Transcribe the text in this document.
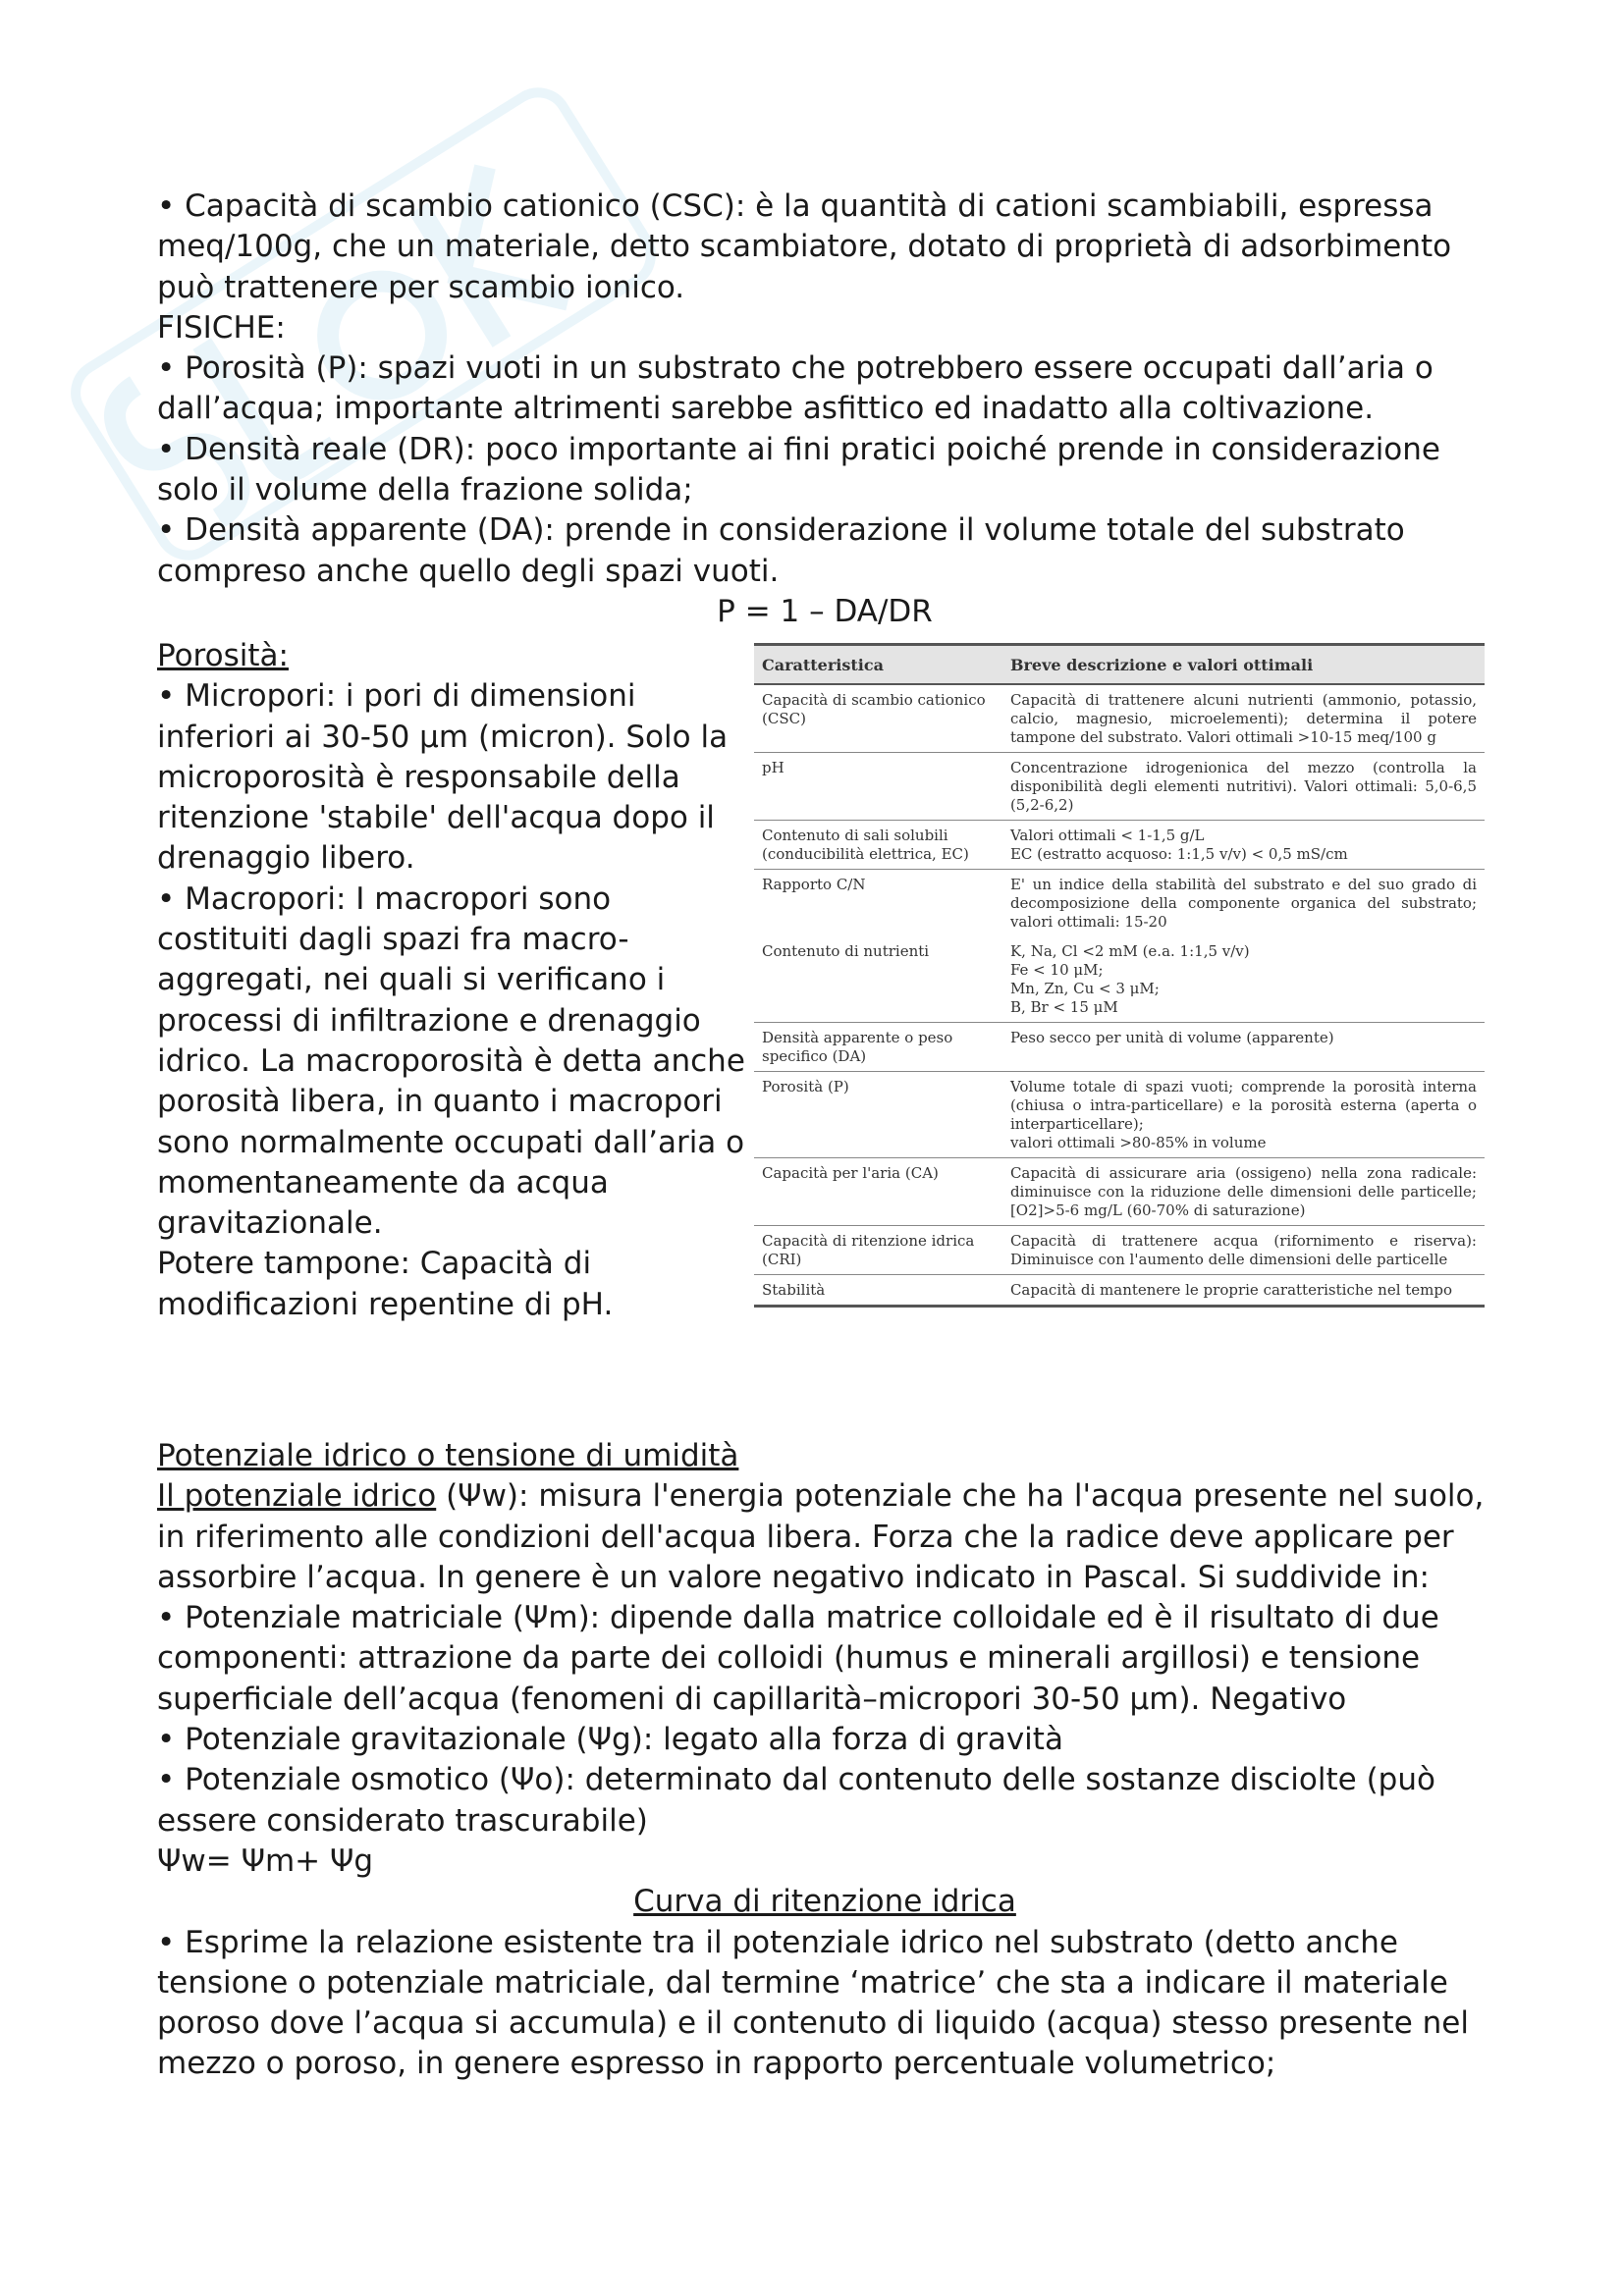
• Capacità di scambio cationico (CSC): è la quantità di cationi scambiabili, espressa meq/100g, che un materiale, detto scambiatore, dotato di proprietà di adsorbimento può trattenere per scambio ionico.

FISICHE:

• Porosità (P): spazi vuoti in un substrato che potrebbero essere occupati dall’aria o dall’acqua; importante altrimenti sarebbe asfittico ed inadatto alla coltivazione.

• Densità reale (DR): poco importante ai fini pratici poiché prende in considerazione solo il volume della frazione solida;

• Densità apparente (DA): prende in considerazione il volume totale del substrato compreso anche quello degli spazi vuoti.

P = 1 – DA/DR

Porosità:

• Micropori: i pori di dimensioni inferiori ai 30-50 μm (micron). Solo la microporosità è responsabile della ritenzione 'stabile' dell'acqua dopo il drenaggio libero.

• Macropori: I macropori sono costituiti dagli spazi fra macro-aggregati, nei quali si verificano i processi di infiltrazione e drenaggio idrico. La macroporosità è detta anche porosità libera, in quanto i macropori sono normalmente occupati dall’aria o momentaneamente da acqua gravitazionale.

Potere tampone: Capacità di modificazioni repentine di pH.

Caratteristica	Breve descrizione e valori ottimali
Capacità di scambio cationico (CSC)	Capacità di trattenere alcuni nutrienti (ammonio, potassio, calcio, magnesio, microelementi); determina il potere tampone del substrato. Valori ottimali >10-15 meq/100 g

pH	Concentrazione idrogenionica del mezzo (controlla la disponibilità degli elementi nutritivi). Valori ottimali: 5,0-6,5 (5,2-6,2)

Contenuto di sali solubili (conducibilità elettrica, EC)	Valori ottimali < 1-1,5 g/L
EC (estratto acquoso: 1:1,5 v/v) < 0,5 mS/cm

Rapporto C/N	E' un indice della stabilità del substrato e del suo grado di decomposizione della componente organica del substrato; valori ottimali: 15-20

Contenuto di nutrienti	K, Na, Cl <2 mM (e.a. 1:1,5 v/v)
Fe < 10 μM;
Mn, Zn, Cu < 3 μM;
B, Br < 15 μM

Densità apparente o peso specifico (DA)	Peso secco per unità di volume (apparente)

Porosità (P)	Volume totale di spazi vuoti; comprende la porosità interna (chiusa o intra-particellare) e la porosità esterna (aperta o interparticellare);
valori ottimali >80-85% in volume

Capacità per l'aria (CA)	Capacità di assicurare aria (ossigeno) nella zona radicale: diminuisce con la riduzione delle dimensioni delle particelle; [O2]>5-6 mg/L (60-70% di saturazione)

Capacità di ritenzione idrica (CRI)	Capacità di trattenere acqua (rifornimento e riserva): Diminuisce con l'aumento delle dimensioni delle particelle

Stabilità	Capacità di mantenere le proprie caratteristiche nel tempo

Potenziale idrico o tensione di umidità

Il potenziale idrico (Ψw): misura l'energia potenziale che ha l'acqua presente nel suolo, in riferimento alle condizioni dell'acqua libera. Forza che la radice deve applicare per assorbire l’acqua. In genere è un valore negativo indicato in Pascal. Si suddivide in:

• Potenziale matriciale (Ψm): dipende dalla matrice colloidale ed è il risultato di due componenti: attrazione da parte dei colloidi (humus e minerali argillosi) e tensione superficiale dell’acqua (fenomeni di capillarità–micropori 30-50 μm). Negativo

• Potenziale gravitazionale (Ψg): legato alla forza di gravità

• Potenziale osmotico (Ψo): determinato dal contenuto delle sostanze disciolte (può essere considerato trascurabile)

Ψw= Ψm+ Ψg

Curva di ritenzione idrica

• Esprime la relazione esistente tra il potenziale idrico nel substrato (detto anche tensione o potenziale matriciale, dal termine ‘matrice’ che sta a indicare il materiale poroso dove l’acqua si accumula) e il contenuto di liquido (acqua) stesso presente nel mezzo o poroso, in genere espresso in rapporto percentuale volumetrico;
